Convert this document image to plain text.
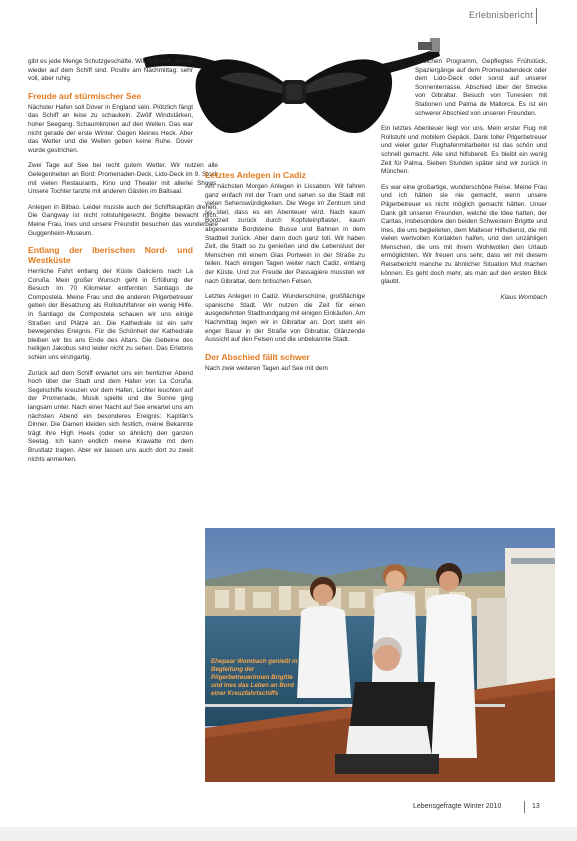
Erlebnisbericht

gibt es jede Menge Schutzgeschäfte. Wir sind froh, als wir wieder auf dem Schiff sind. Positiv am Nachmittag: sehr voll, aber ruhig.

Freude auf stürmischer See

Nächster Hafen soll Dover in England sein. Plötzlich fängt das Schiff an leise zu schaukeln. Zwölf Windstärken, hoher Seegang. Schaumkronen auf den Wellen. Das war nicht gerade der erste Winter. Gegen kleines Heck. Aber das Wetter und die Wellen geben keine Ruhe. Dover wurde gestrichen.

Zwei Tage auf See bei recht gutem Wetter. Wir nutzen alle Gelegenheiten an Bord: Promenaden-Deck, Lido-Deck im 9. Stock mit vielen Restaurants, Kino und Theater mit allerlei Shows. Unsere Tochter tanzte mit anderen Gästen im Ballsaal.

Anlegen in Bilbao. Leider musste auch der Schiffskapitän drehen. Die Gangway ist nicht rollstuhlgerecht. Brigitte bewacht mich. Meine Frau, Ines und unsere Freundin besuchen das wunderbare Guggenheim-Museum.

Entlang der iberischen Nord- und Westküste

Herrliche Fahrt entlang der Küste Galiciens nach La Coruña. Mein großer Wunsch geht in Erfüllung: der Besuch im 70 Kilometer entfernten Santiago de Compostela. Meine Frau und die anderen Pilgerbetreuer geben der Besatzung als Rollstuhlfahrer ein wenig Hilfe. In Santiago de Compostela schauen wir uns einige Straßen und Plätze an. Die Kathedrale ist ein sehr bewegendes Ereignis. Für die Schönheit der Kathedrale bleiben wir bis ans Ende des Altars. Die Gebeine des heiligen Jakobus sind leider nicht zu sehen. Das Erlebnis schien uns einzigartig.

Zurück auf dem Schiff erwartet uns ein herrlicher Abend hoch über der Stadt und dem Hafen von La Coruña. Segelschiffe kreuzen vor dem Hafen, Lichter leuchten auf der Promenade, Musik spielte und die Sonne ging langsam unter. Nach einer Nacht auf See erwartet uns am nächsten Abend ein besonderes Ereignis: Kapitän's Dinner. Die Damen kleiden sich festlich, meine Bekannte trägt ihre High Heels (oder so ähnlich) den ganzen Seetag. Ich kann endlich meine Krawatte mit dem Brustlatz tragen. Aber wir lassen uns auch dort zu zweit nichts anmerken.

Letztes Anlegen in Cadiz

Am nächsten Morgen Anlegen in Lissabon. Wir fahren ganz einfach mit der Tram und sehen so die Stadt mit vielen Sehenswürdigkeiten. Die Wege im Zentrum sind so steil, dass es ein Abenteuer wird. Nach kaum Bordzeit zurück durch Kopfsteinpflaster, kaum abgesenkte Bordsteine. Busse und Bahnen in dem Stadtteil zurück. Aber dann doch ganz toll. Wir haben Zeit, die Stadt so zu genießen und die Lebenslust der Menschen mit einem Glas Portwein in der Straße zu teilen. Nach einigen Tagen weiter nach Cadiz, entlang der Küste. Und zur Freude der Passagiere mussten wir nach Gibraltar, dem britischen Felsen.

Letztes Anlegen in Cadiz. Wunderschöne, großflächige spanische Stadt. Wir nutzen die Zeit für einen ausgedehnten Stadtrundgang mit einigen Einkäufen. Am Nachmittag legen wir in Gibraltar an. Dort steht ein enger Basar in der Straße von Gibraltar. Glänzende Aussicht auf den Felsen und die unbekannte Stadt.

Der Abschied fällt schwer

Nach zwei weiteren Tagen auf See mit dem

festlichen Programm, Gepflegtes Frühstück, Spaziergänge auf dem Promenadendeck oder dem Lido-Deck oder sonst auf unserer Sonnenterrasse. Abschied über der Strecke von Gibraltar. Besuch von Tunesien mit Stationen und Palma de Mallorca. Es ist ein schwerer Abschied von unseren Freunden.

Ein letztes Abenteuer liegt vor uns. Mein erster Flug mit Rollstuhl und mobilem Gepäck. Dank toller Pilgerbetreuer und vieler guter Flughafenmitarbeiter ist das schön und schnell gemacht. Alle sind hilfsbereit. Es bleibt ein wenig Zeit für Palma. Sieben Stunden später sind wir zurück in München.

Es war eine großartige, wunderschöne Reise. Meine Frau und ich hätten sie nie gemacht, wenn unsere Pilgerbetreuer es nicht möglich gemacht hätten. Unser Dank gilt unseren Freunden, welche die Idee hatten, der Caritas, insbesondere den beiden Schwestern Brigitte und Ines, die uns begleiteten, dem Malteser Hilfsdienst, die mit vielen wertvollen Kontakten halfen, und den unzähligen Menschen, die uns mit ihrem Wohlwollen den Urlaub ermöglichten. Wir freuen uns sehr, dass wir mit diesem Reisebericht manche zu ähnlicher Situation Mut machen können. Es geht doch mehr, als man auf den ersten Blick glaubt.

Klaus Wombach
Ehepaar Wombach genießt in Begleitung der Pilgerbetreuerinnen Brigitte und Ines das Leben an Bord einer Kreuzfahrtschiffs
Lebensgefragte Winter 2010	13
